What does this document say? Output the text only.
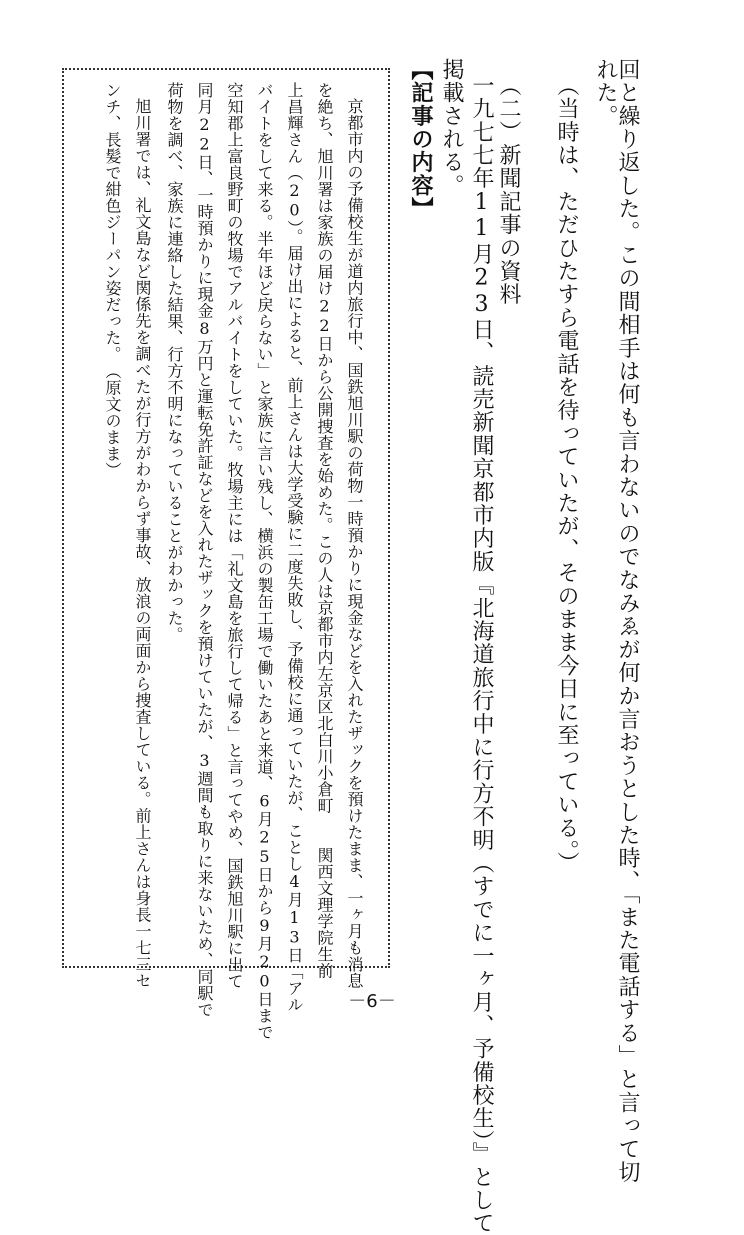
回と繰り返した。この間相手は何も言わないのでなみゑが何か言おうとした時、「また電話する」と言って切
れた。
（当時は、ただひたすら電話を待っていたが、そのまま今日に至っている。）
（二）新聞記事の資料
一九七七年11月23日、読売新聞京都市内版『北海道旅行中に行方不明（すでに一ヶ月、予備校生）』として
掲載される。
【記事の内容】
京都市内の予備校生が道内旅行中、国鉄旭川駅の荷物一時預かりに現金などを入れたザックを預けたまま、一ヶ月も消息
を絶ち、旭川署は家族の届け22日から公開捜査を始めた。この人は京都市内左京区北白川小倉町　　関西文理学院生前
上昌輝さん（20）。届け出によると、前上さんは大学受験に二度失敗し、予備校に通っていたが、ことし4月13日「アル
バイトをして来る。半年ほど戻らない」と家族に言い残し、横浜の製缶工場で働いたあと来道、6月25日から9月20日まで
空知郡上富良野町の牧場でアルバイトをしていた。牧場主には「礼文島を旅行して帰る」と言ってやめ、国鉄旭川駅に出て
同月22日、一時預かりに現金8万円と運転免許証などを入れたザックを預けていたが、3週間も取りに来ないため、同駅で
荷物を調べ、家族に連絡した結果、行方不明になっていることがわかった。
旭川署では、礼文島など関係先を調べたが行方がわからず事故、放浪の両面から捜査している。前上さんは身長一七三セ
ンチ、長髪で紺色ジーパン姿だった。　（原文のまま）
－6－
